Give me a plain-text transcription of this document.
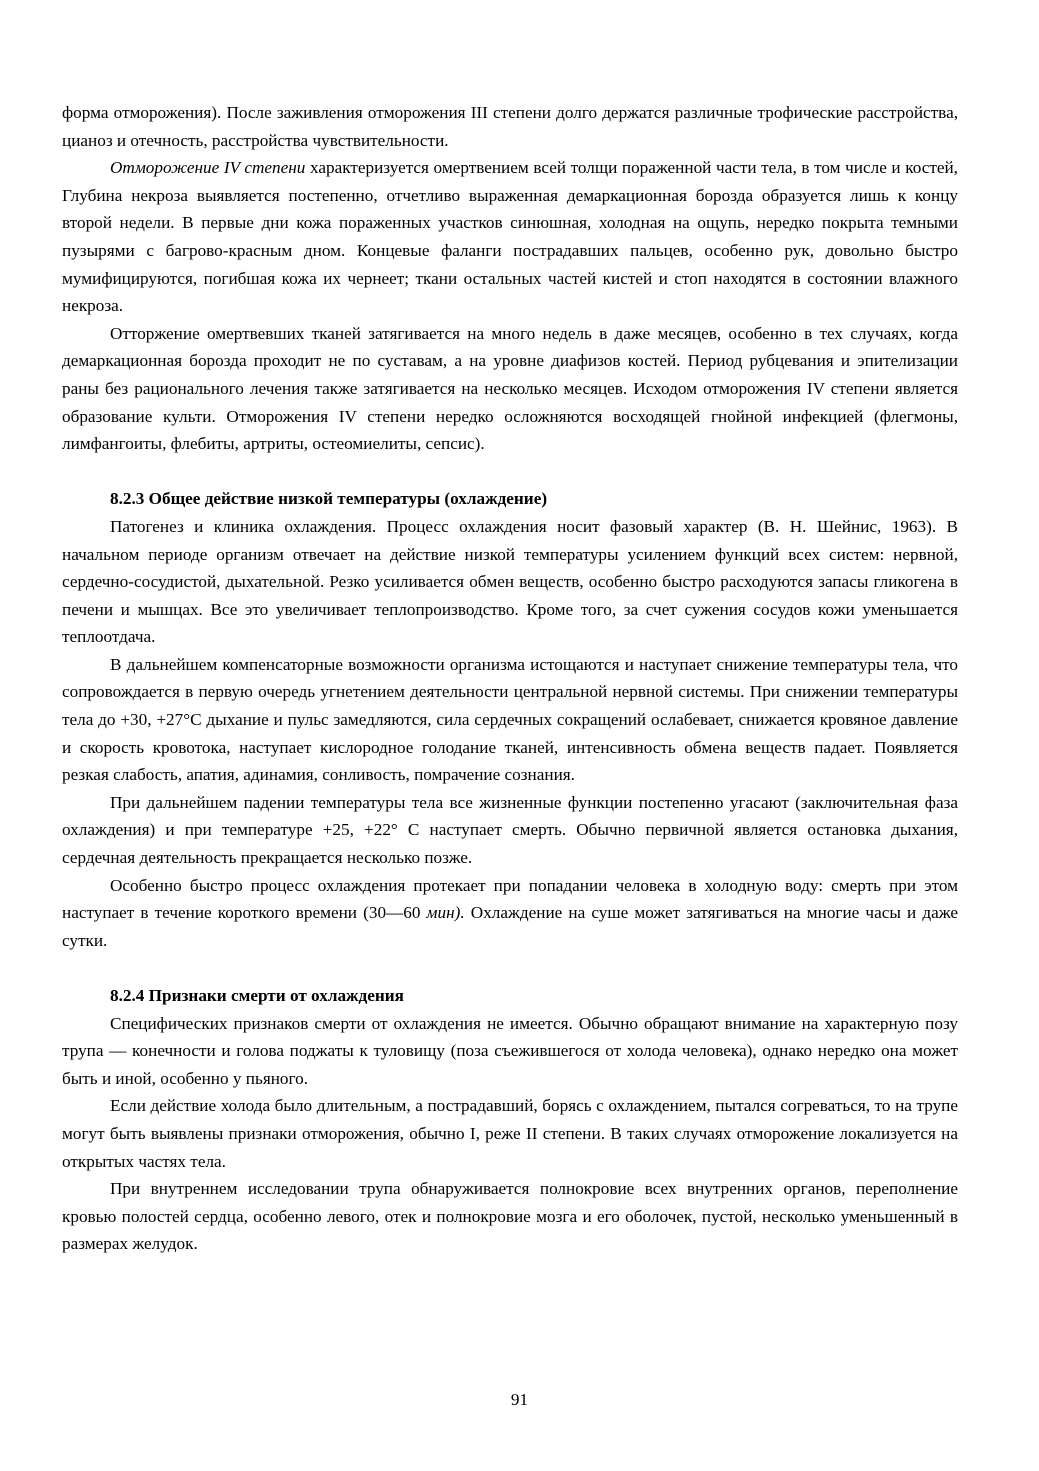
форма отморожения). После заживления отморожения III степени долго держатся различные трофические расстройства, цианоз и отечность, расстройства чувствительности.

Отморожение IV степени характеризуется омертвением всей толщи пораженной части тела, в том числе и костей, Глубина некроза выявляется постепенно, отчетливо выраженная демаркационная борозда образуется лишь к концу второй недели. В первые дни кожа пораженных участков синюшная, холодная на ощупь, нередко покрыта темными пузырями с багрово-красным дном. Концевые фаланги пострадавших пальцев, особенно рук, довольно быстро мумифицируются, погибшая кожа их чернеет; ткани остальных частей кистей и стоп находятся в состоянии влажного некроза.

Отторжение омертвевших тканей затягивается на много недель в даже месяцев, особенно в тех случаях, когда демаркационная борозда проходит не по суставам, а на уровне диафизов костей. Период рубцевания и эпителизации раны без рационального лечения также затягивается на несколько месяцев. Исходом отморожения IV степени является образование культи. Отморожения IV степени нередко осложняются восходящей гнойной инфекцией (флегмоны, лимфангоиты, флебиты, артриты, остеомиелиты, сепсис).

8.2.3 Общее действие низкой температуры (охлаждение)

Патогенез и клиника охлаждения. Процесс охлаждения носит фазовый характер (В. Н. Шейнис, 1963). В начальном периоде организм отвечает на действие низкой температуры усилением функций всех систем: нервной, сердечно-сосудистой, дыхательной. Резко усиливается обмен веществ, особенно быстро расходуются запасы гликогена в печени и мышцах. Все это увеличивает теплопроизводство. Кроме того, за счет сужения сосудов кожи уменьшается теплоотдача.

В дальнейшем компенсаторные возможности организма истощаются и наступает снижение температуры тела, что сопровождается в первую очередь угнетением деятельности центральной нервной системы. При снижении температуры тела до +30, +27°С дыхание и пульс замедляются, сила сердечных сокращений ослабевает, снижается кровяное давление и скорость кровотока, наступает кислородное голодание тканей, интенсивность обмена веществ падает. Появляется резкая слабость, апатия, адинамия, сонливость, помрачение сознания.

При дальнейшем падении температуры тела все жизненные функции постепенно угасают (заключительная фаза охлаждения) и при температуре +25, +22° С наступает смерть. Обычно первичной является остановка дыхания, сердечная деятельность прекращается несколько позже.

Особенно быстро процесс охлаждения протекает при попадании человека в холодную воду: смерть при этом наступает в течение короткого времени (30—60 мин). Охлаждение на суше может затягиваться на многие часы и даже сутки.

8.2.4 Признаки смерти от охлаждения

Специфических признаков смерти от охлаждения не имеется. Обычно обращают внимание на характерную позу трупа — конечности и голова поджаты к туловищу (поза съежившегося от холода человека), однако нередко она может быть и иной, особенно у пьяного.

Если действие холода было длительным, а пострадавший, борясь с охлаждением, пытался согреваться, то на трупе могут быть выявлены признаки отморожения, обычно I, реже II степени. В таких случаях отморожение локализуется на открытых частях тела.

При внутреннем исследовании трупа обнаруживается полнокровие всех внутренних органов, переполнение кровью полостей сердца, особенно левого, отек и полнокровие мозга и его оболочек, пустой, несколько уменьшенный в размерах желудок.

91
